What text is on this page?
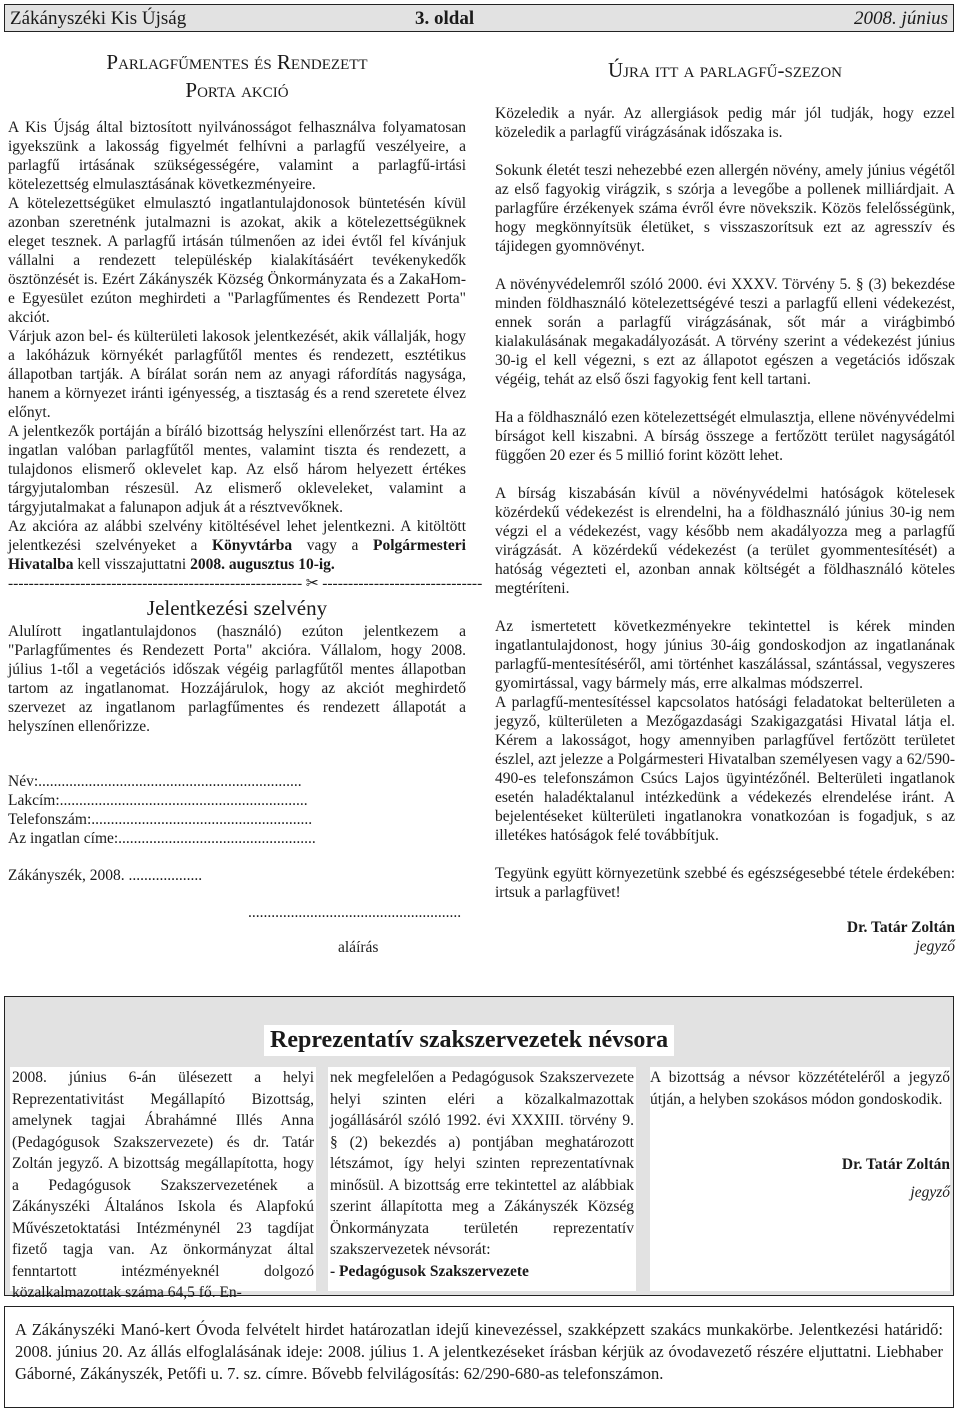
Zákányszéki Kis Újság	3. oldal	2008. június
Parlagfűmentes és Rendezett
Porta akció

A Kis Újság által biztosított nyilvánosságot felhasználva folyamatosan igyekszünk a lakosság figyelmét felhívni a parlagfű veszélyeire, a parlagfű irtásának szükségességére, valamint a parlagfű-irtási kötelezettség elmulasztásának következményeire.

A kötelezettségüket elmulasztó ingatlantulajdonosok büntetésén kívül azonban szeretnénk jutalmazni is azokat, akik a kötelezettségüknek eleget tesznek. A parlagfű irtásán túlmenően az idei évtől fel kívánjuk vállalni a rendezett településkép kialakításáért tevékenykedők ösztönzését is. Ezért Zákányszék Község Önkormányzata és a ZakaHom-e Egyesület ezúton meghirdeti a "Parlagfűmentes és Rendezett Porta" akciót.

Várjuk azon bel- és külterületi lakosok jelentkezését, akik vállalják, hogy a lakóházuk környékét parlagfűtől mentes és rendezett, esztétikus állapotban tartják. A bírálat során nem az anyagi ráfordítás nagysága, hanem a környezet iránti igényesség, a tisztaság és a rend szeretete élvez előnyt.

A jelentkezők portáján a bíráló bizottság helyszíni ellenőrzést tart. Ha az ingatlan valóban parlagfűtől mentes, valamint tiszta és rendezett, a tulajdonos elismerő oklevelet kap. Az első három helyezett értékes tárgyjutalomban részesül. Az elismerő okleveleket, valamint a tárgyjutalmakat a falunapon adjuk át a résztvevőknek.

Az akcióra az alábbi szelvény kitöltésével lehet jelentkezni. A kitöltött jelentkezési szelvényeket a Könyvtárba vagy a Polgármesteri Hivatalba kell visszajuttatni 2008. augusztus 10-ig.

--------------------------------------------------------- ✂ -------------------------------
Jelentkezési szelvény

Alulírott ingatlantulajdonos (használó) ezúton jelentkezem a "Parlagfűmentes és Rendezett Porta" akcióra. Vállalom, hogy 2008. július 1-től a vegetációs időszak végéig parlagfűtől mentes állapotban tartom az ingatlanomat. Hozzájárulok, hogy az akciót meghirdető szervezet az ingatlanom parlagfűmentes és rendezett állapotát a helyszínen ellenőrizze.

Név:....................................................................
Lakcím:................................................................
Telefonszám:.........................................................
Az ingatlan címe:...................................................
Zákányszék, 2008. ...................
.......................................................
aláírás
Újra itt a parlagfű-szezon

Közeledik a nyár. Az allergiások pedig már jól tudják, hogy ezzel közeledik a parlagfű virágzásának időszaka is.

Sokunk életét teszi nehezebbé ezen allergén növény, amely június végétől az első fagyokig virágzik, s szórja a levegőbe a pollenek milliárdjait. A parlagfűre érzékenyek száma évről évre növekszik. Közös felelősségünk, hogy megkönnyítsük életüket, s visszaszorítsuk ezt az agresszív és tájidegen gyomnövényt.

A növényvédelemről szóló 2000. évi XXXV. Törvény 5. § (3) bekezdése minden földhasználó kötelezettségévé teszi a parlagfű elleni védekezést, ennek során a parlagfű virágzásának, sőt már a virágbimbó kialakulásának megakadályozását. A törvény szerint a védekezést június 30-ig el kell végezni, s ezt az állapotot egészen a vegetációs időszak végéig, tehát az első őszi fagyokig fent kell tartani.

Ha a földhasználó ezen kötelezettségét elmulasztja, ellene növényvédelmi bírságot kell kiszabni. A bírság összege a fertőzött terület nagyságától függően 20 ezer és 5 millió forint között lehet.

A bírság kiszabásán kívül a növényvédelmi hatóságok kötelesek közérdekű védekezést is elrendelni, ha a földhasználó június 30-ig nem végzi el a védekezést, vagy később nem akadályozza meg a parlagfű virágzását. A közérdekű védekezést (a terület gyommentesítését) a hatóság végezteti el, azonban annak költségét a földhasználó köteles megtéríteni.

Az ismertetett következményekre tekintettel is kérek minden ingatlantulajdonost, hogy június 30-áig gondoskodjon az ingatlanának parlagfű-mentesítéséről, ami történhet kaszálással, szántással, vegyszeres gyomirtással, vagy bármely más, erre alkalmas módszerrel.

A parlagfű-mentesítéssel kapcsolatos hatósági feladatokat belterületen a jegyző, külterületen a Mezőgazdasági Szakigazgatási Hivatal látja el. Kérem a lakosságot, hogy amennyiben parlagfűvel fertőzött területet észlel, azt jelezze a Polgármesteri Hivatalban személyesen vagy a 62/590-490-es telefonszámon Csúcs Lajos ügyintézőnél. Belterületi ingatlanok esetén haladéktalanul intézkedünk a védekezés elrendelése iránt. A bejelentéseket külterületi ingatlanokra vonatkozóan is fogadjuk, s az illetékes hatóságok felé továbbítjuk.

Tegyünk együtt környezetünk szebbé és egészségesebbé tétele érdekében: irtsuk a parlagfüvet!

Dr. Tatár Zoltán
jegyző
Reprezentatív szakszervezetek névsora
2008. június 6-án ülésezett a helyi Reprezentativitást Megállapító Bizottság, amelynek tagjai Ábrahámné Illés Anna (Pedagógusok Szakszervezete) és dr. Tatár Zoltán jegyző. A bizottság megállapította, hogy a Pedagógusok Szakszervezetének a Zákányszéki Általános Iskola és Alapfokú Művészetoktatási Intézménynél 23 tagdíjat fizető tagja van. Az önkormányzat által fenntartott intézményeknél dolgozó közalkalmazottak száma 64,5 fő. En-
nek megfelelően a Pedagógusok Szakszervezete helyi szinten eléri a közalkalmazottak jogállásáról szóló 1992. évi XXXIII. törvény 9. § (2) bekezdés a) pontjában meghatározott létszámot, így helyi szinten reprezentatívnak minősül. A bizottság erre tekintettel az alábbiak szerint állapította meg a Zákányszék Község Önkormányzata területén reprezentatív szakszervezetek névsorát:
- Pedagógusok Szakszervezete
A bizottság a névsor közzétételéről a jegyző útján, a helyben szokásos módon gondoskodik.
Dr. Tatár Zoltán
jegyző
A Zákányszéki Manó-kert Óvoda felvételt hirdet határozatlan idejű kinevezéssel, szakképzett szakács munkakörbe. Jelentkezési határidő: 2008. június 20. Az állás elfoglalásának ideje: 2008. július 1. A jelentkezéseket írásban kérjük az óvodavezető részére eljuttatni. Liebhaber Gáborné, Zákányszék, Petőfi u. 7. sz. címre. Bővebb felvilágosítás: 62/290-680-as telefonszámon.
